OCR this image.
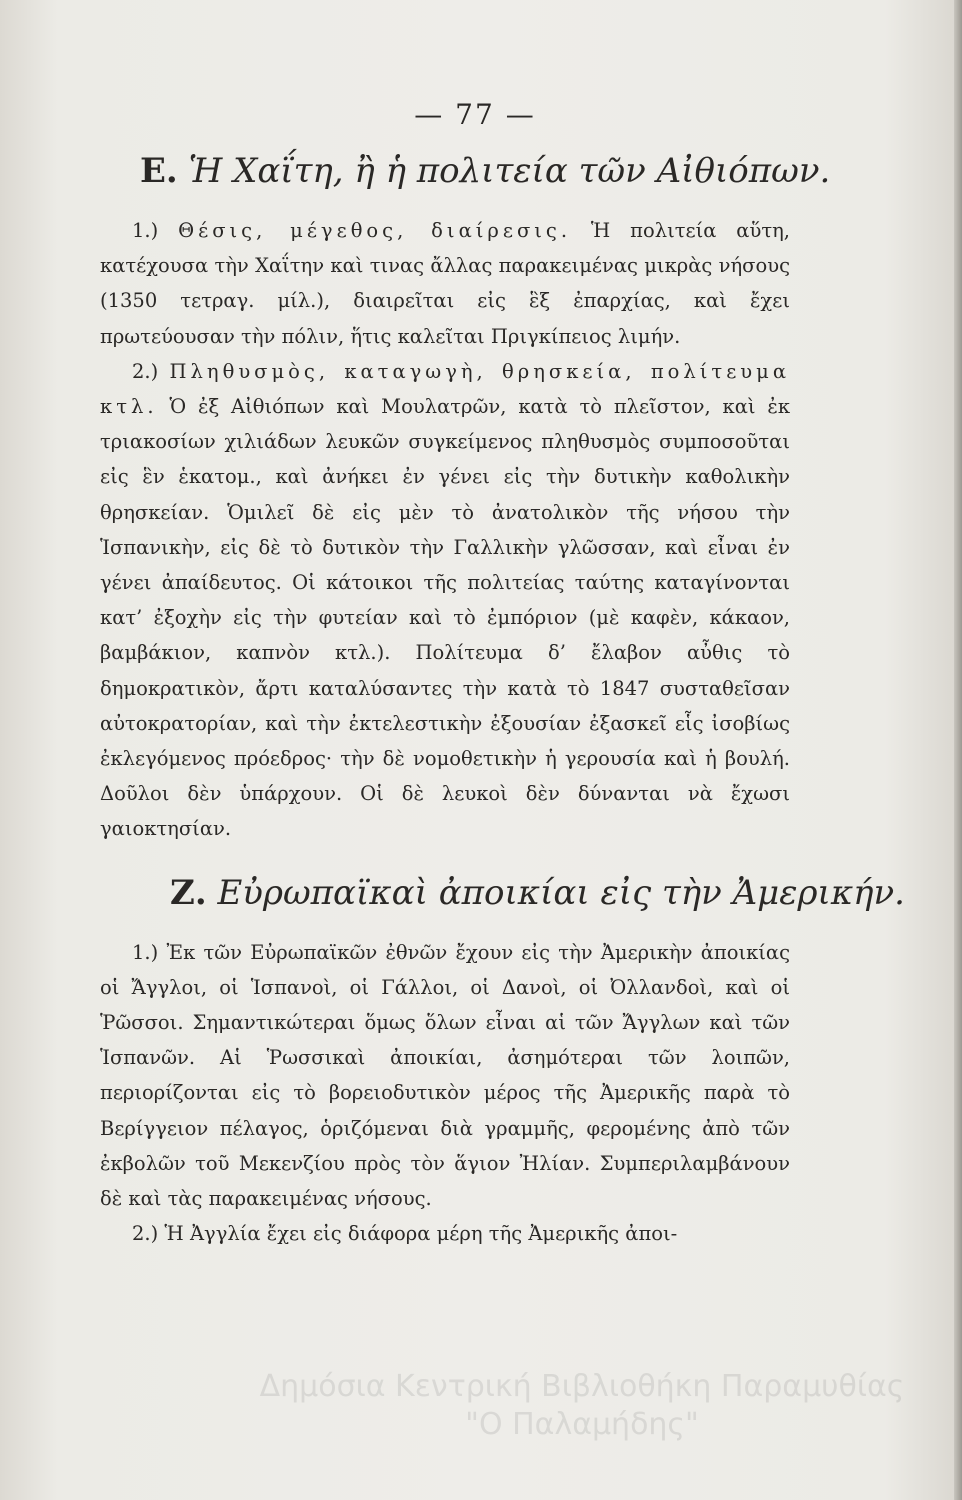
— 77 —
Ε. Ἡ Χαΐτη, ἢ ἡ πολιτεία τῶν Αἰθιόπων.

1.) Θέσις, μέγεθος, διαίρεσις. Ἡ πολιτεία αὕτη, κατέχουσα τὴν Χαΐτην καὶ τινας ἄλλας παρακειμένας μικρὰς νήσους (1350 τετραγ. μίλ.), διαιρεῖται εἰς ἓξ ἐπαρχίας, καὶ ἔχει πρωτεύουσαν τὴν πόλιν, ἥτις καλεῖται Πριγκίπειος λιμήν.

2.) Πληθυσμὸς, καταγωγὴ, θρησκεία, πολίτευμα κτλ. Ὁ ἐξ Αἰθιόπων καὶ Μουλατρῶν, κατὰ τὸ πλεῖστον, καὶ ἐκ τριακοσίων χιλιάδων λευκῶν συγκείμενος πληθυσμὸς συμποσοῦται εἰς ἓν ἑκατομ., καὶ ἀνήκει ἐν γένει εἰς τὴν δυτικὴν καθολικὴν θρησκείαν. Ὁμιλεῖ δὲ εἰς μὲν τὸ ἀνατολικὸν τῆς νήσου τὴν Ἱσπανικὴν, εἰς δὲ τὸ δυτικὸν τὴν Γαλλικὴν γλῶσσαν, καὶ εἶναι ἐν γένει ἀπαίδευτος. Οἱ κάτοικοι τῆς πολιτείας ταύτης καταγίνονται κατ’ ἐξοχὴν εἰς τὴν φυτείαν καὶ τὸ ἐμπόριον (μὲ καφὲν, κάκαον, βαμβάκιον, καπνὸν κτλ.). Πολίτευμα δ’ ἔλαβον αὖθις τὸ δημοκρατικὸν, ἄρτι καταλύσαντες τὴν κατὰ τὸ 1847 συσταθεῖσαν αὐτοκρατορίαν, καὶ τὴν ἐκτελεστικὴν ἐξουσίαν ἐξασκεῖ εἷς ἰσοβίως ἐκλεγόμενος πρόεδρος· τὴν δὲ νομοθετικὴν ἡ γερουσία καὶ ἡ βουλή. Δοῦλοι δὲν ὑπάρχουν. Οἱ δὲ λευκοὶ δὲν δύνανται νὰ ἔχωσι γαιοκτησίαν.

Ζ. Εὐρωπαϊκαὶ ἀποικίαι εἰς τὴν Ἀμερικήν.

1.) Ἐκ τῶν Εὐρωπαϊκῶν ἐθνῶν ἔχουν εἰς τὴν Ἀμερικὴν ἀποικίας οἱ Ἄγγλοι, οἱ Ἱσπανοὶ, οἱ Γάλλοι, οἱ Δανοὶ, οἱ Ὀλλανδοὶ, καὶ οἱ Ῥῶσσοι. Σημαντικώτεραι ὅμως ὅλων εἶναι αἱ τῶν Ἄγγλων καὶ τῶν Ἱσπανῶν. Αἱ Ῥωσσικαὶ ἀποικίαι, ἀσημότεραι τῶν λοιπῶν, περιορίζονται εἰς τὸ βορειοδυτικὸν μέρος τῆς Ἀμερικῆς παρὰ τὸ Βερίγγειον πέλαγος, ὁριζόμεναι διὰ γραμμῆς, φερομένης ἀπὸ τῶν ἐκβολῶν τοῦ Μεκενζίου πρὸς τὸν ἅγιον Ἠλίαν. Συμπεριλαμβάνουν δὲ καὶ τὰς παρακειμένας νήσους.

2.) Ἡ Ἀγγλία ἔχει εἰς διάφορα μέρη τῆς Ἀμερικῆς ἀποι-

Δημόσια Κεντρική Βιβλιοθήκη Παραμυθίας
"Ο Παλαμήδης"
